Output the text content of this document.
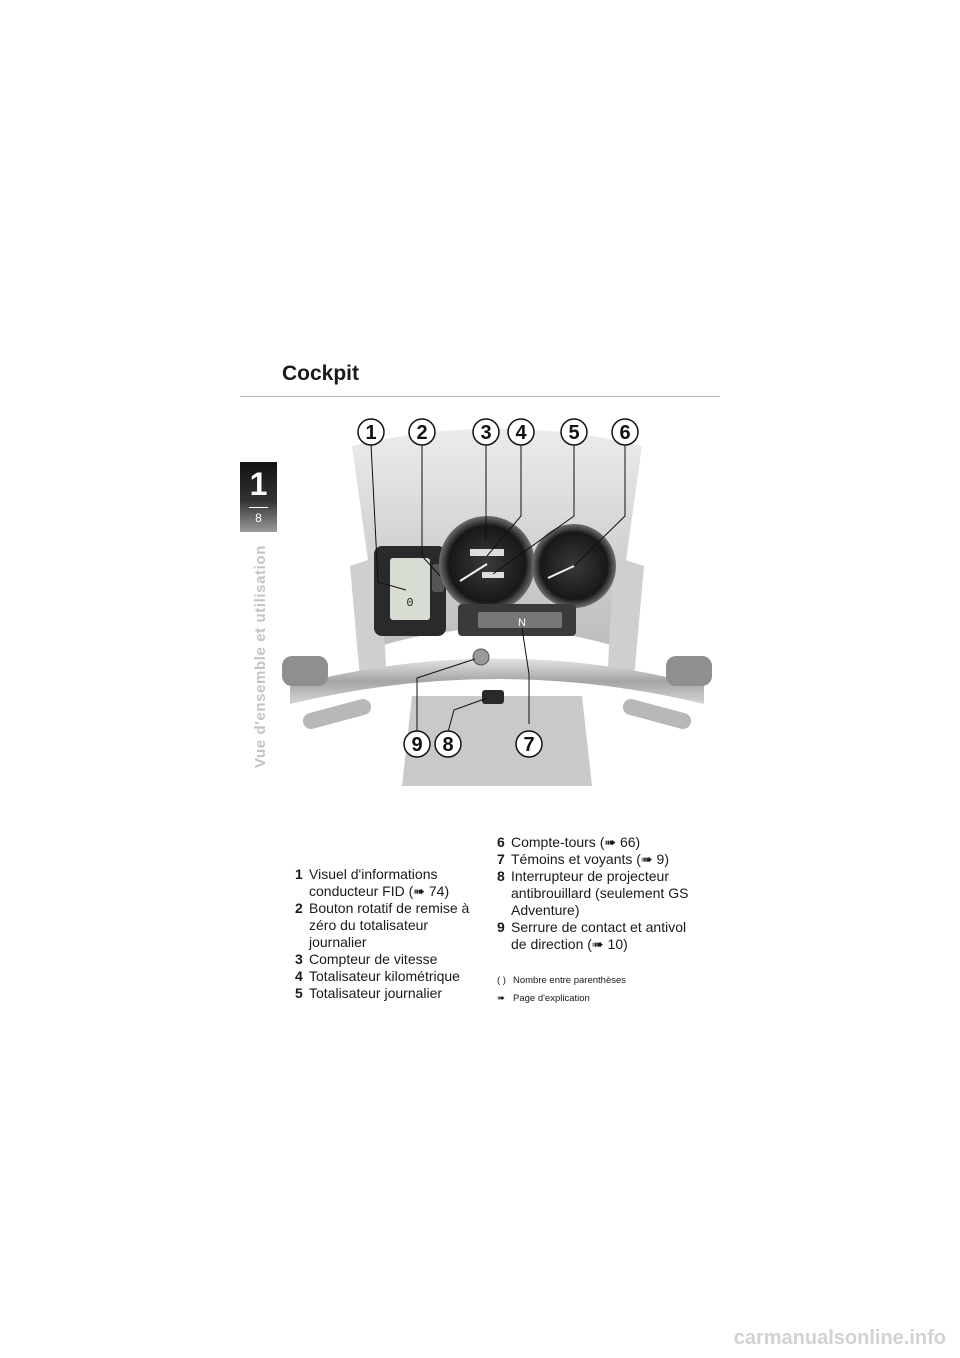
Cockpit
1
8
Vue d'ensemble et utilisation	0
N
1 2	3 4 5 6
7
8
9
1 Visuel d'informations conducteur FID (➠ 74)
2 Bouton rotatif de remise à zéro du totalisateur journalier
3 Compteur de vitesse
4 Totalisateur kilométrique
5 Totalisateur journalier
6 Compte-tours (➠ 66)
7 Témoins et voyants (➠ 9)
8 Interrupteur de projecteur antibrouillard (seulement GS Adventure)
9 Serrure de contact et antivol de direction (➠ 10)
( ) Nombre entre parenthèses
➠ Page d'explication
carmanualsonline.info
